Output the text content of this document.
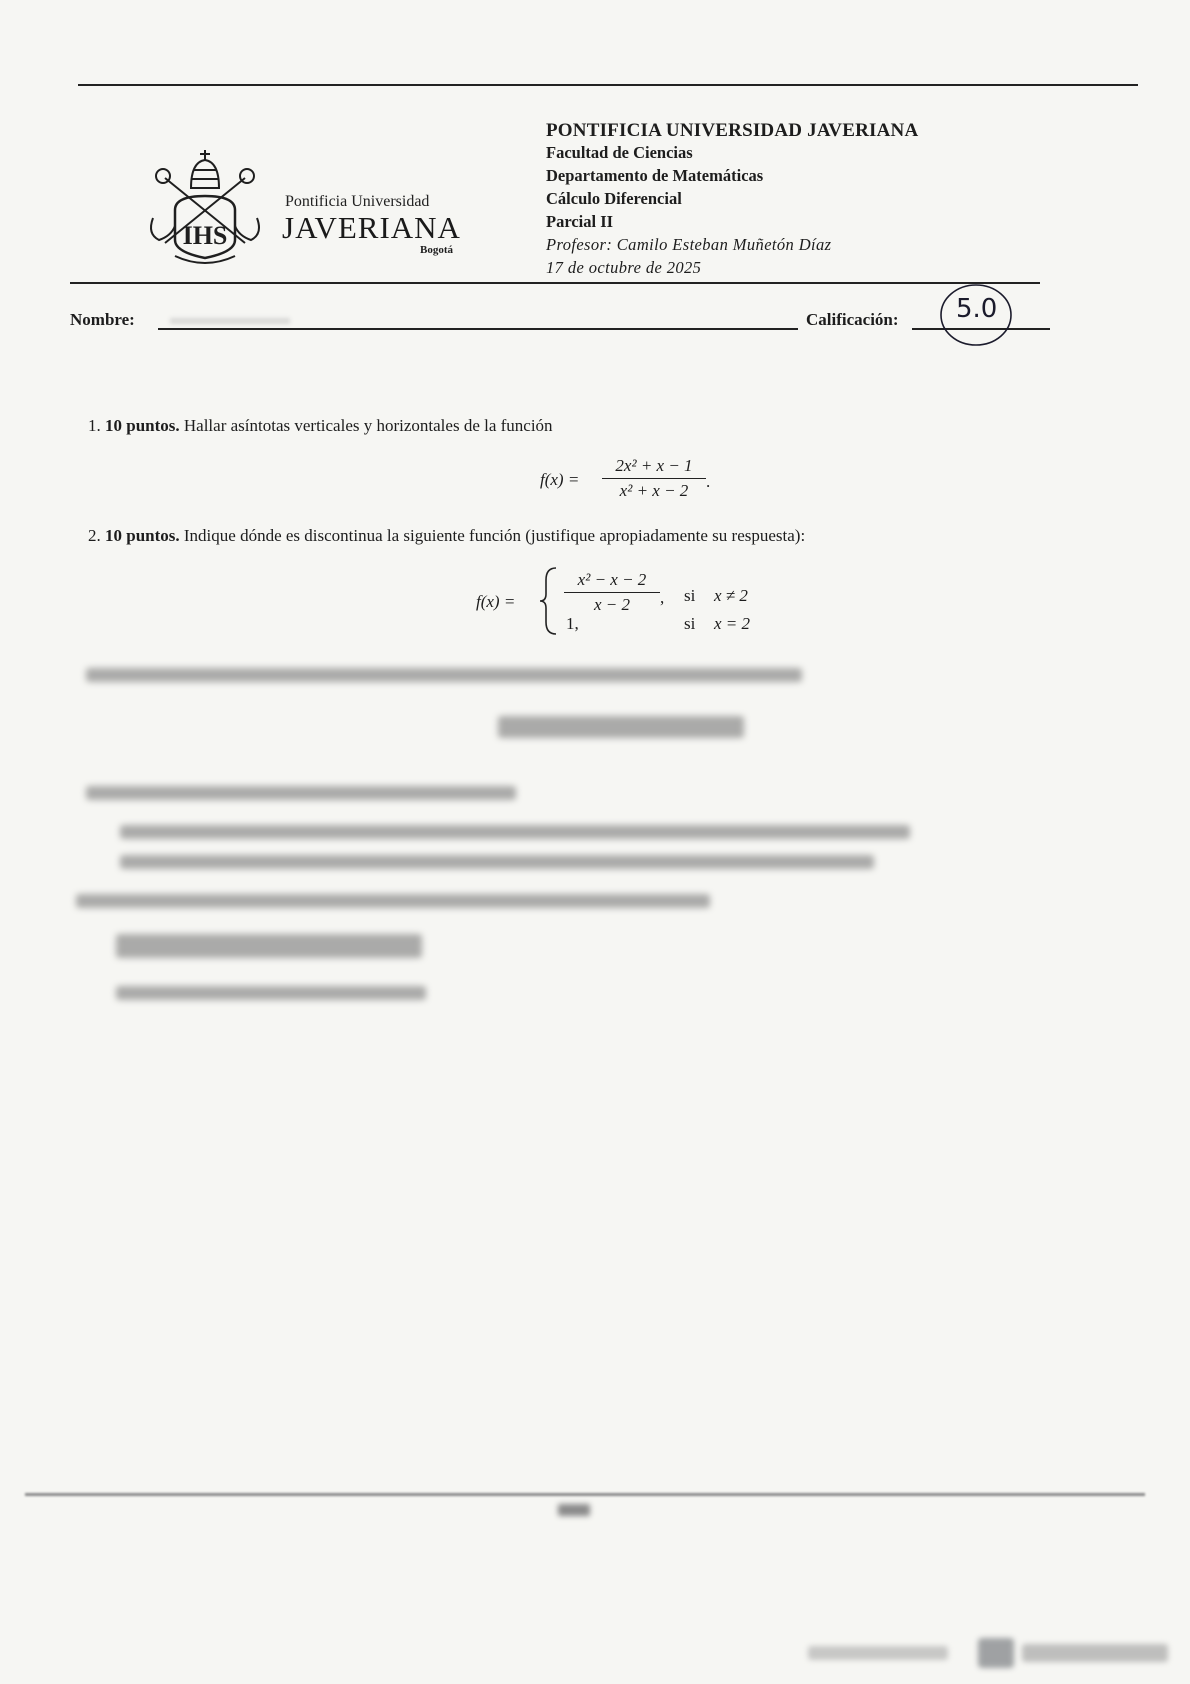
IHS
Pontificia Universidad
JAVERIANA
Bogotá
PONTIFICIA UNIVERSIDAD JAVERIANA
Facultad de Ciencias
Departamento de Matemáticas
Cálculo Diferencial
Parcial II
Profesor: Camilo Esteban Muñetón Díaz
17 de octubre de 2025
Nombre:	Calificación: 5.0
1. 10 puntos. Hallar asíntotas verticales y horizontales de la función
f(x) =
2x² + x − 1
x² + x − 2	.
2. 10 puntos. Indique dónde es discontinua la siguiente función (justifique apropiadamente su respuesta):
f(x) =
x² − x − 2
x − 2	, si x ≠ 2
1,	si x = 2
